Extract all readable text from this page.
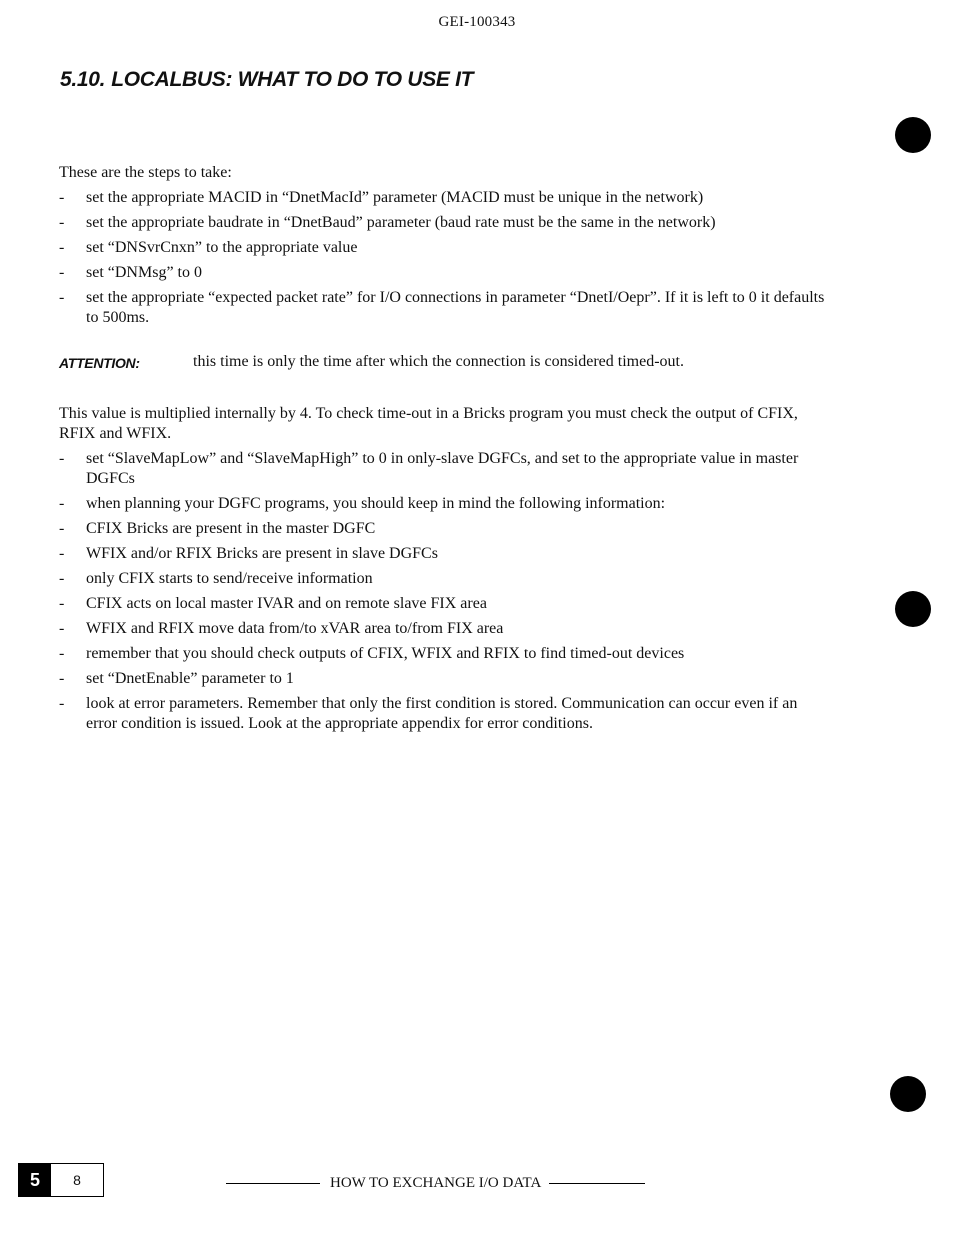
GEI-100343
5.10. LOCALBUS: WHAT TO DO TO USE IT

These are the steps to take:

- set the appropriate MACID in “DnetMacId” parameter (MACID must be unique in the network)
- set the appropriate baudrate in “DnetBaud” parameter (baud rate must be the same in the network)
- set “DNSvrCnxn” to the appropriate value
- set “DNMsg” to 0
- set the appropriate “expected packet rate” for I/O connections in parameter “DnetI/Oepr”. If it is left to 0 it defaults to 500ms.
ATTENTION:	this time is only the time after which the connection is considered timed-out.

This value is multiplied internally by 4. To check time-out in a Bricks program you must check the output of CFIX, RFIX and WFIX.

- set “SlaveMapLow” and “SlaveMapHigh” to 0 in only-slave DGFCs, and set to the appropriate value in master DGFCs
- when planning your DGFC programs, you should keep in mind the following information:
- CFIX Bricks are present in the master DGFC
- WFIX and/or RFIX Bricks are present in slave DGFCs
- only CFIX starts to send/receive information
- CFIX acts on local master IVAR and on remote slave FIX area
- WFIX and RFIX move data from/to xVAR area to/from FIX area
- remember that you should check outputs of CFIX, WFIX and RFIX to find timed-out devices
- set “DnetEnable” parameter to 1
- look at error parameters. Remember that only the first condition is stored. Communication can occur even if an error condition is issued. Look at the appropriate appendix for error conditions.
5	8	HOW TO EXCHANGE I/O DATA
